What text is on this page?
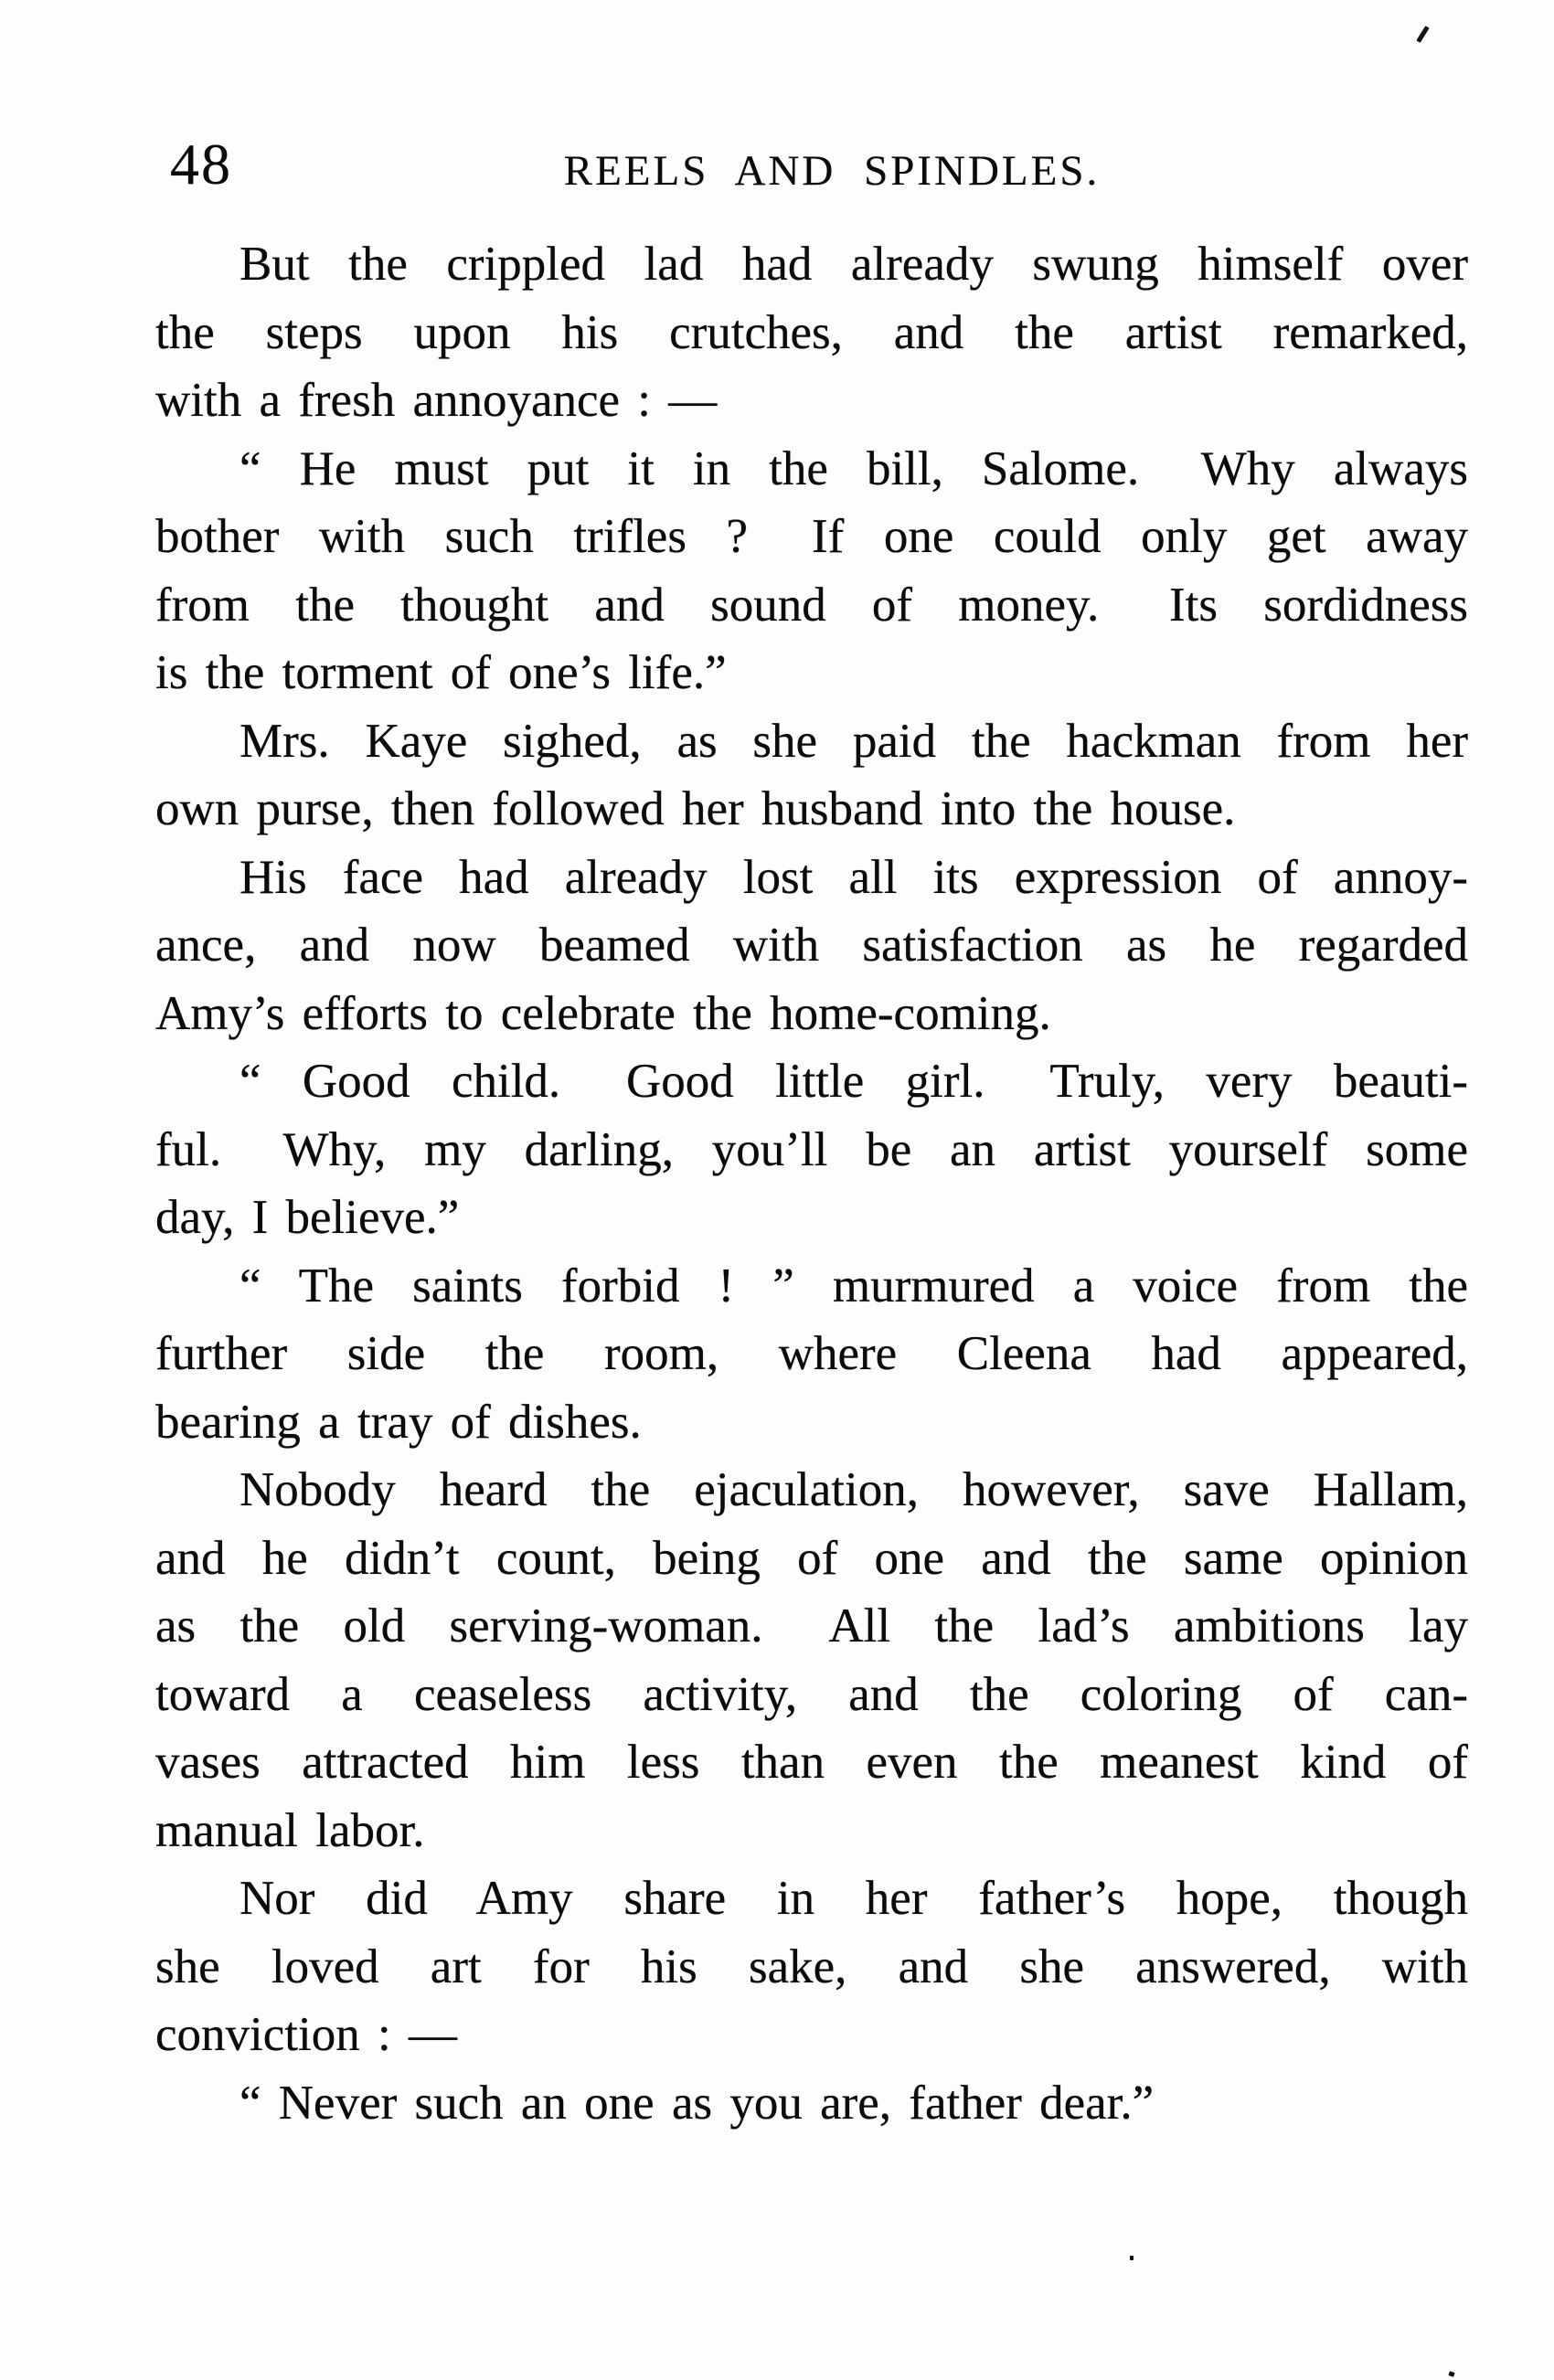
48	REELS AND SPINDLES.
But the crippled lad had already swung himself over
the steps upon his crutches, and the artist remarked,
with a fresh annoyance : —
“ He must put it in the bill, Salome.  Why always
bother with such trifles ?  If one could only get away
from the thought and sound of money.  Its sordidness
is the torment of one’s life.”
Mrs. Kaye sighed, as she paid the hackman from her
own purse, then followed her husband into the house.
His face had already lost all its expression of annoy-
ance, and now beamed with satisfaction as he regarded
Amy’s efforts to celebrate the home-coming.
“ Good child.  Good little girl.  Truly, very beauti-
ful.  Why, my darling, you’ll be an artist yourself some
day, I believe.”
“ The saints forbid ! ” murmured a voice from the
further side the room, where Cleena had appeared,
bearing a tray of dishes.
Nobody heard the ejaculation, however, save Hallam,
and he didn’t count, being of one and the same opinion
as the old serving-woman.  All the lad’s ambitions lay
toward a ceaseless activity, and the coloring of can-
vases attracted him less than even the meanest kind of
manual labor.
Nor did Amy share in her father’s hope, though
she loved art for his sake, and she answered, with
conviction : —
“ Never such an one as you are, father dear.”
